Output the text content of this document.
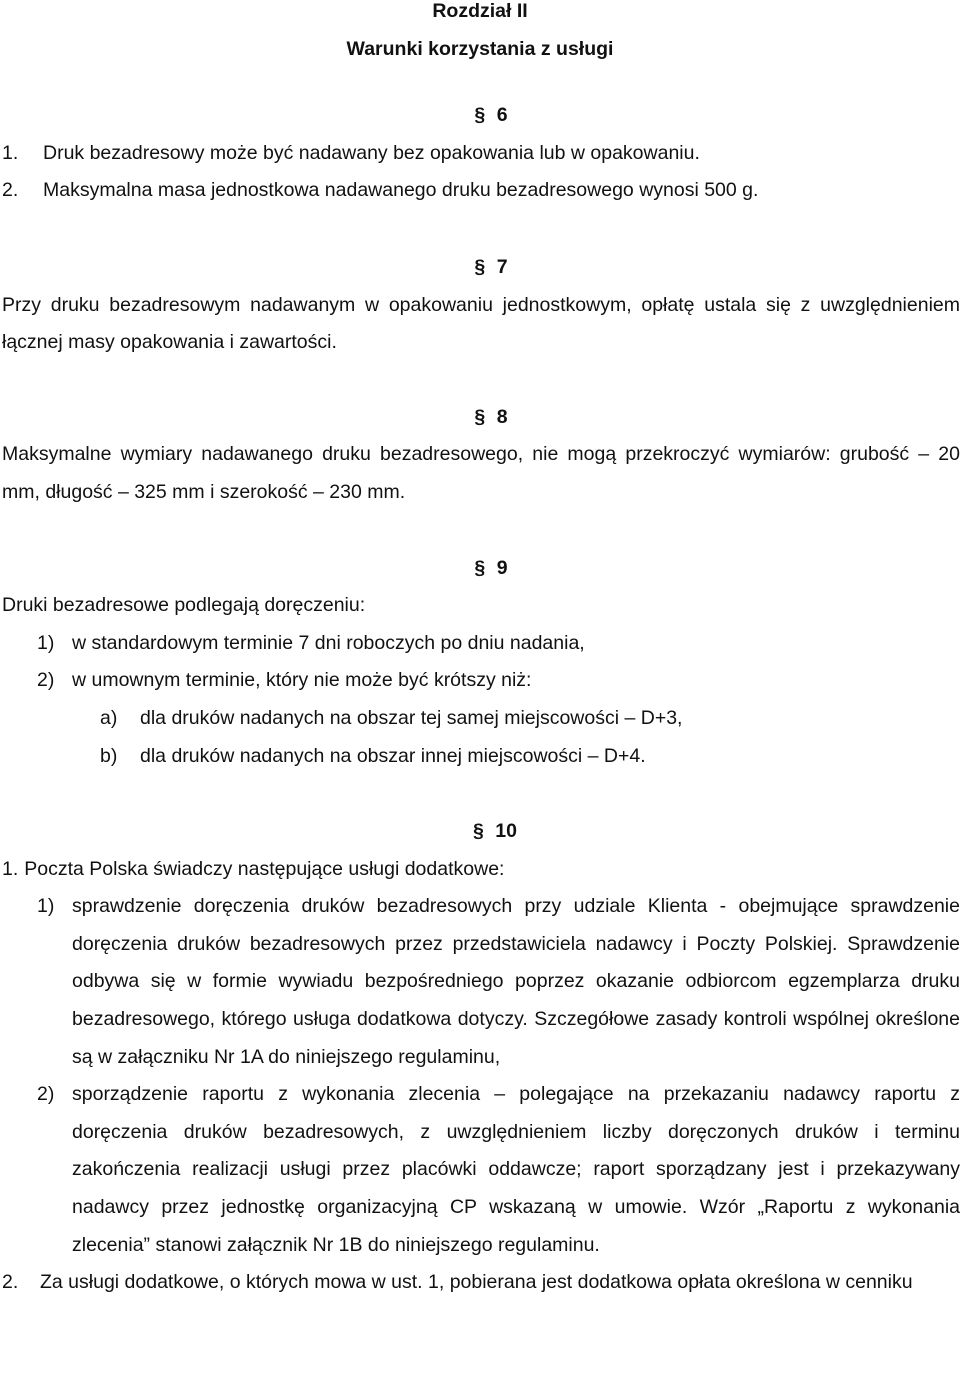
Rozdział II
Warunki korzystania z usługi
§ 6
1.	Druk bezadresowy może być nadawany bez opakowania lub w opakowaniu.
2.	Maksymalna masa jednostkowa nadawanego druku bezadresowego wynosi 500 g.
§ 7
Przy druku bezadresowym nadawanym w opakowaniu jednostkowym, opłatę ustala się z uwzględnieniem łącznej masy opakowania i zawartości.
§ 8
Maksymalne wymiary nadawanego druku bezadresowego, nie mogą przekroczyć wymiarów: grubość – 20 mm, długość – 325 mm i szerokość – 230 mm.
§ 9
Druki bezadresowe podlegają doręczeniu:
1) w standardowym terminie 7 dni roboczych po dniu nadania,
2) w umownym terminie, który nie może być krótszy niż:
a)	dla druków nadanych na obszar tej samej miejscowości – D+3,
b)	dla druków nadanych na obszar innej miejscowości – D+4.
§ 10
1. Poczta Polska świadczy następujące usługi dodatkowe:
1) sprawdzenie doręczenia druków bezadresowych przy udziale Klienta - obejmujące sprawdzenie doręczenia druków bezadresowych przez przedstawiciela nadawcy i Poczty Polskiej. Sprawdzenie odbywa się w formie wywiadu bezpośredniego poprzez okazanie odbiorcom egzemplarza druku bezadresowego, którego usługa dodatkowa dotyczy. Szczegółowe zasady kontroli wspólnej określone są w załączniku Nr 1A do niniejszego regulaminu,
2) sporządzenie raportu z wykonania zlecenia – polegające na przekazaniu nadawcy raportu z doręczenia druków bezadresowych, z uwzględnieniem liczby doręczonych druków i terminu zakończenia realizacji usługi przez placówki oddawcze; raport sporządzany jest i przekazywany nadawcy przez jednostkę organizacyjną CP wskazaną w umowie. Wzór „Raportu z wykonania zlecenia” stanowi załącznik Nr 1B do niniejszego regulaminu.
2.	Za usługi dodatkowe, o których mowa w ust. 1, pobierana jest dodatkowa opłata określona w cenniku
